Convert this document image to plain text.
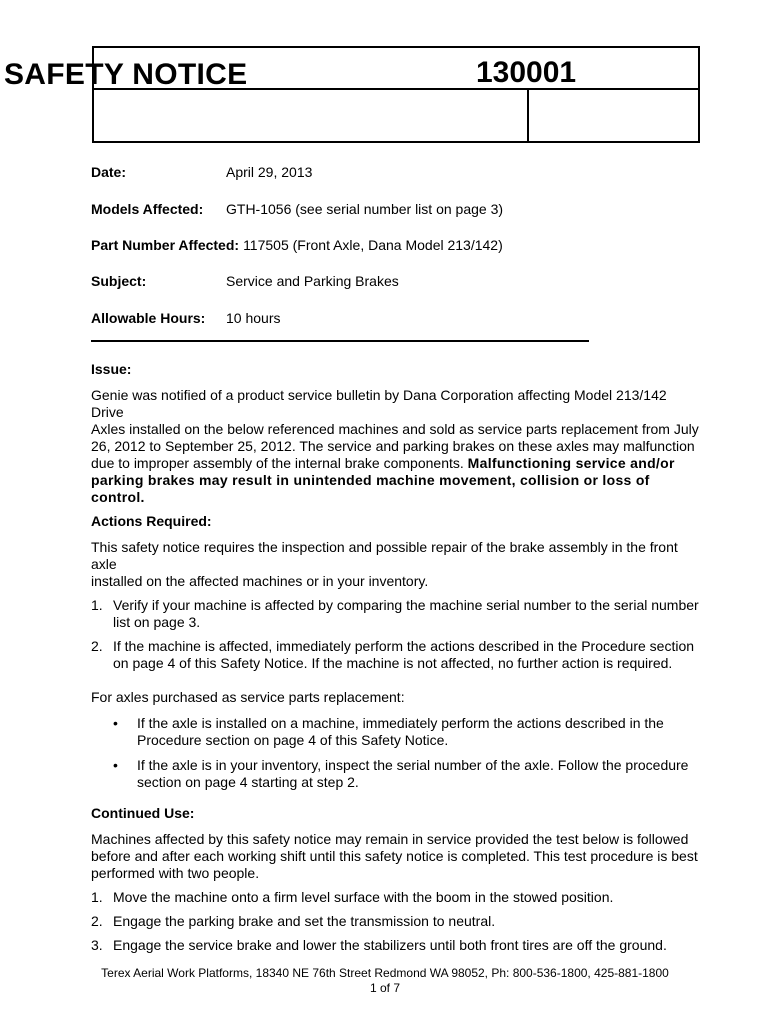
SAFETY NOTICE	130001
Date:	April 29, 2013
Models Affected: GTH-1056 (see serial number list on page 3)
Part Number Affected: 117505 (Front Axle, Dana Model 213/142)
Subject:	Service and Parking Brakes
Allowable Hours: 10 hours
Issue:
Genie was notified of a product service bulletin by Dana Corporation affecting Model 213/142 Drive
Axles installed on the below referenced machines and sold as service parts replacement from July
26, 2012 to September 25, 2012. The service and parking brakes on these axles may malfunction
due to improper assembly of the internal brake components. Malfunctioning service and/or
parking brakes may result in unintended machine movement, collision or loss of
control.
Actions Required:
This safety notice requires the inspection and possible repair of the brake assembly in the front axle
installed on the affected machines or in your inventory.
1. Verify if your machine is affected by comparing the machine serial number to the serial number
list on page 3.
2. If the machine is affected, immediately perform the actions described in the Procedure section
on page 4 of this Safety Notice. If the machine is not affected, no further action is required.
For axles purchased as service parts replacement:
• If the axle is installed on a machine, immediately perform the actions described in the
Procedure section on page 4 of this Safety Notice.
• If the axle is in your inventory, inspect the serial number of the axle. Follow the procedure
section on page 4 starting at step 2.
Continued Use:
Machines affected by this safety notice may remain in service provided the test below is followed
before and after each working shift until this safety notice is completed. This test procedure is best
performed with two people.
1. Move the machine onto a firm level surface with the boom in the stowed position.
2. Engage the parking brake and set the transmission to neutral.
3. Engage the service brake and lower the stabilizers until both front tires are off the ground.
Terex Aerial Work Platforms, 18340 NE 76th Street Redmond WA 98052, Ph: 800-536-1800, 425-881-1800
1 of 7
